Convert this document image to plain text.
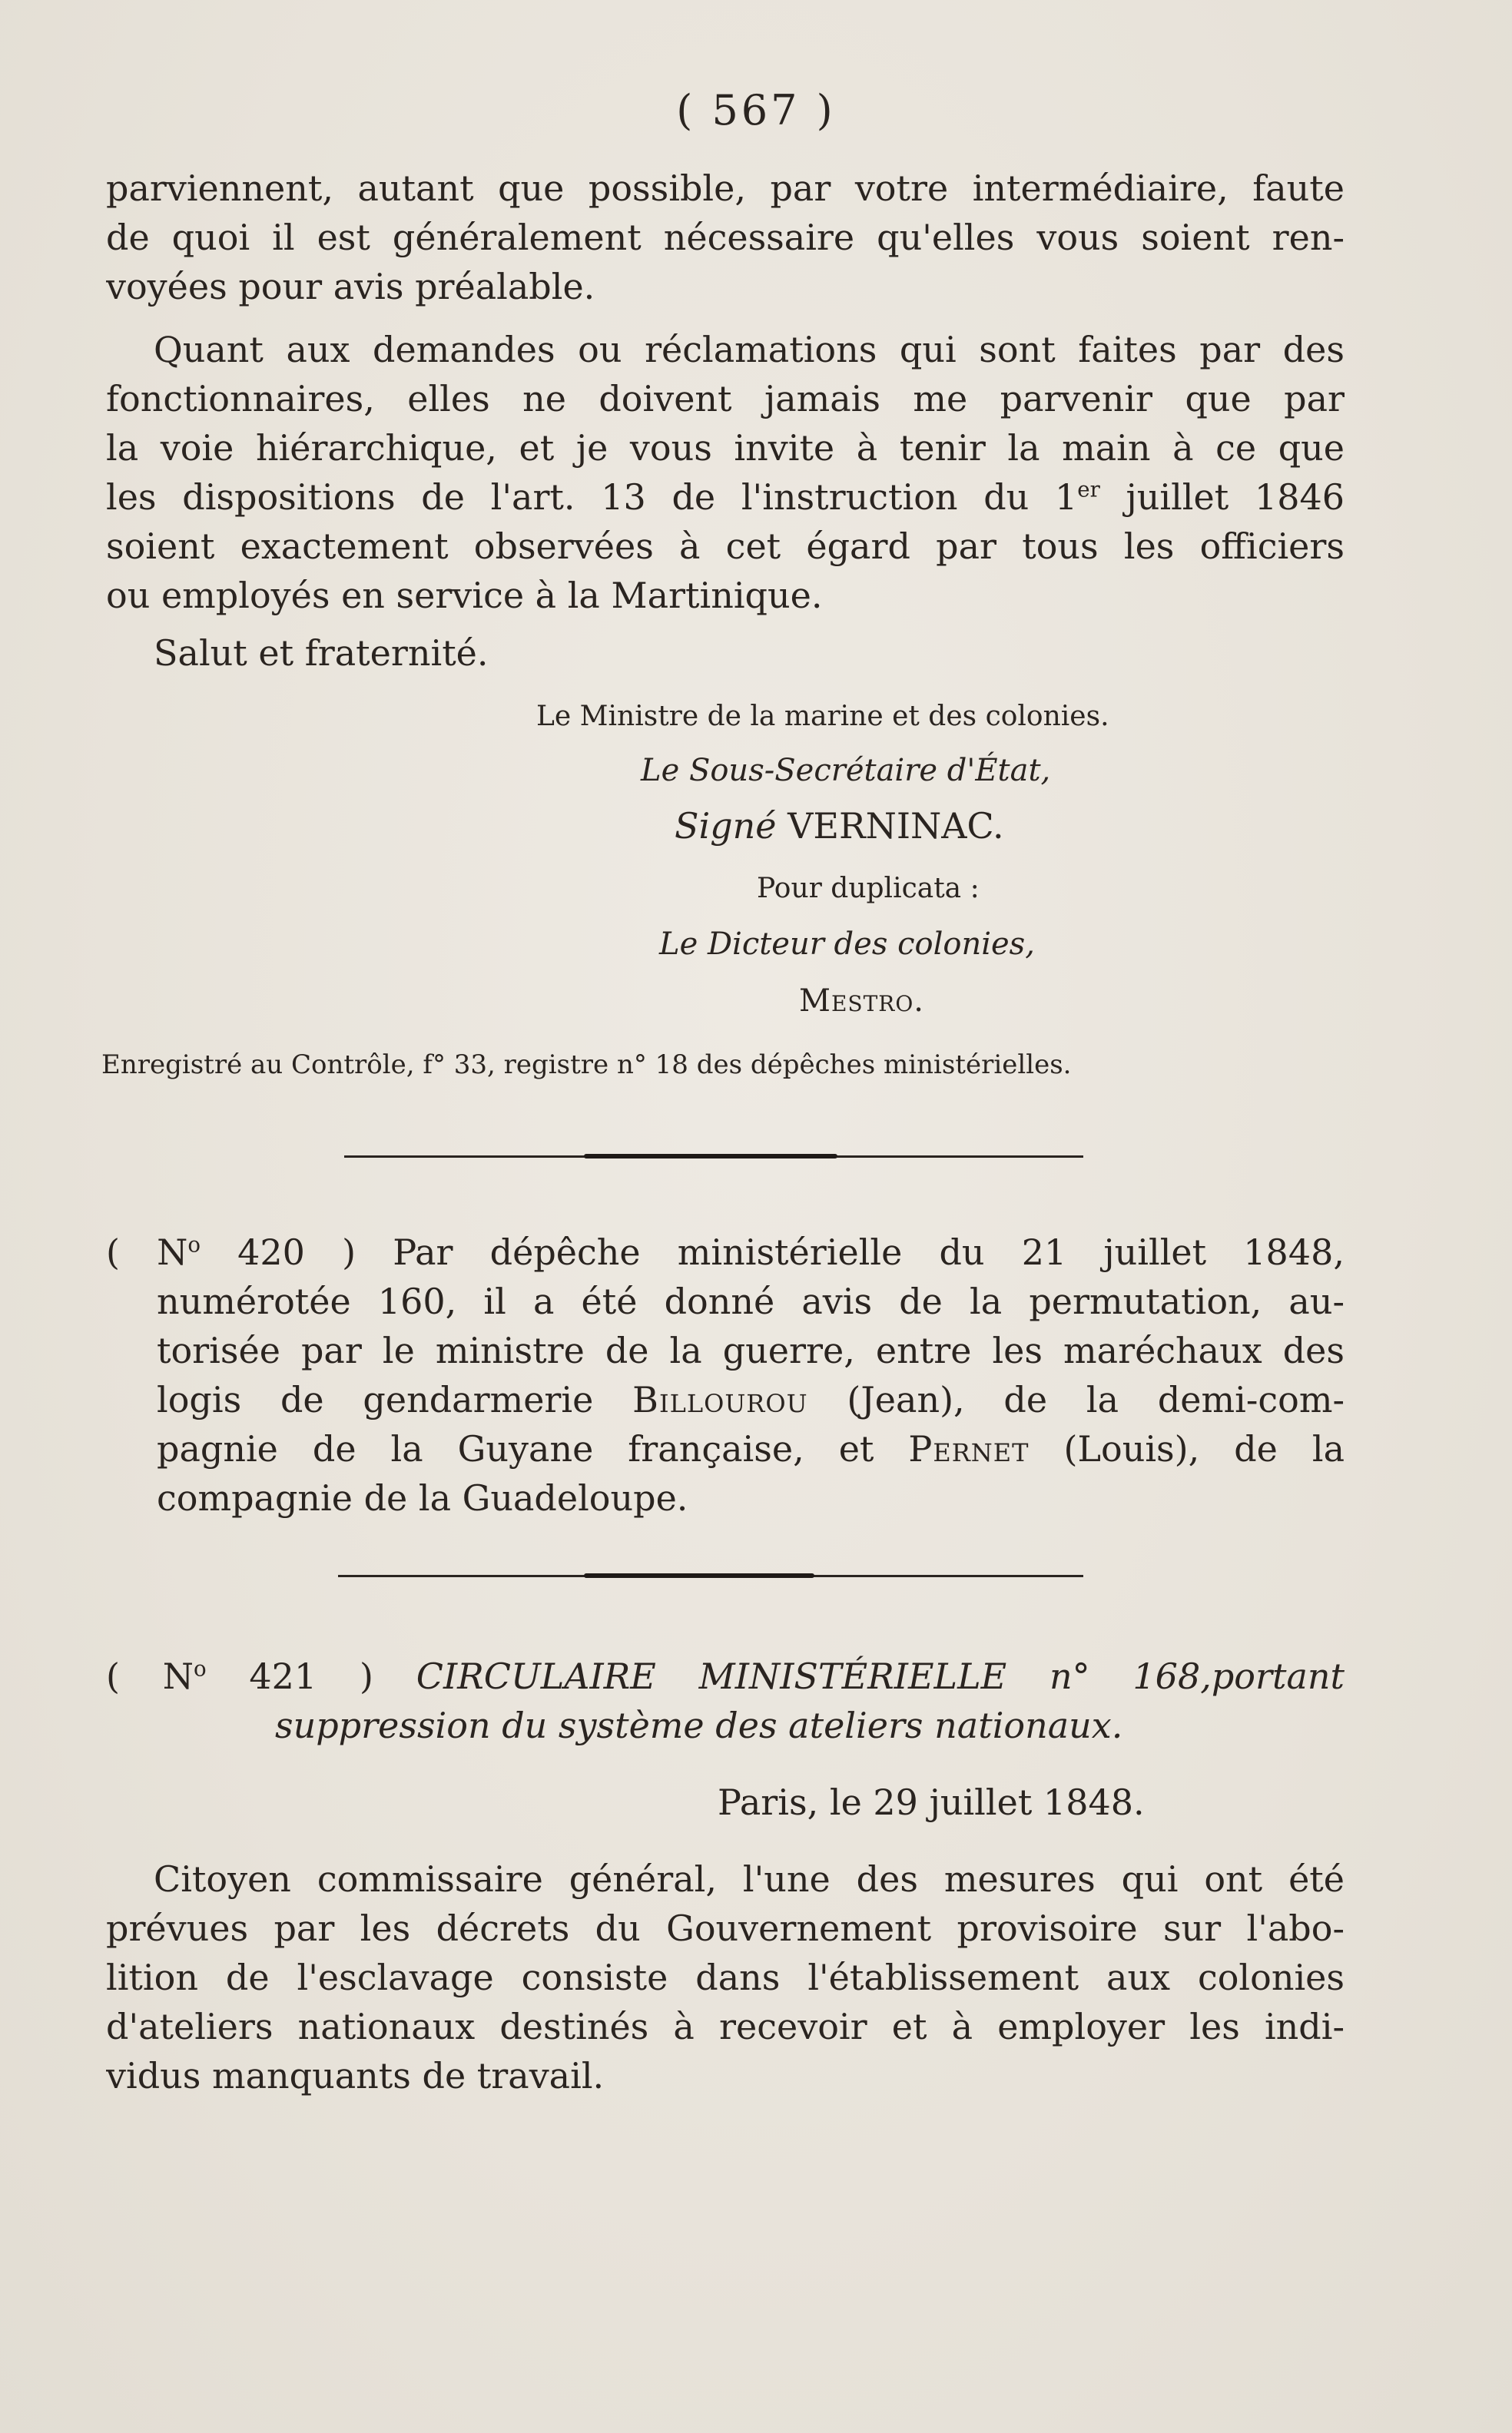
( 567 )
parviennent, autant que possible, par votre intermédiaire, faute
de quoi il est généralement nécessaire qu'elles vous soient ren-
voyées pour avis préalable.
Quant aux demandes ou réclamations qui sont faites par des
fonctionnaires, elles ne doivent jamais me parvenir que par
la voie hiérarchique, et je vous invite à tenir la main à ce que
les dispositions de l'art. 13 de l'instruction du 1er juillet 1846
soient exactement observées à cet égard par tous les officiers
ou employés en service à la Martinique.
Salut et fraternité.
Le Ministre de la marine et des colonies.
Le Sous-Secrétaire d'État,
Signé VERNINAC.
Pour duplicata :
Le Dicteur des colonies,
Mestro.
Enregistré au Contrôle, f° 33, registre n° 18 des dépêches ministérielles.
( $N^o$ 420 ) Par dépêche ministérielle du 21 juillet 1848,
numérotée 160, il a été donné avis de la permutation, au-
torisée par le ministre de la guerre, entre les maréchaux des
logis de gendarmerie Billourou (Jean), de la demi-com-
pagnie de la Guyane française, et Pernet (Louis), de la
compagnie de la Guadeloupe.
( $N^o$ 421 ) CIRCULAIRE MINISTÉRIELLE n° 168,portant
suppression du système des ateliers nationaux.
Paris, le 29 juillet 1848.
Citoyen commissaire général, l'une des mesures qui ont été
prévues par les décrets du Gouvernement provisoire sur l'abo-
lition de l'esclavage consiste dans l'établissement aux colonies
d'ateliers nationaux destinés à recevoir et à employer les indi-
vidus manquants de travail.
